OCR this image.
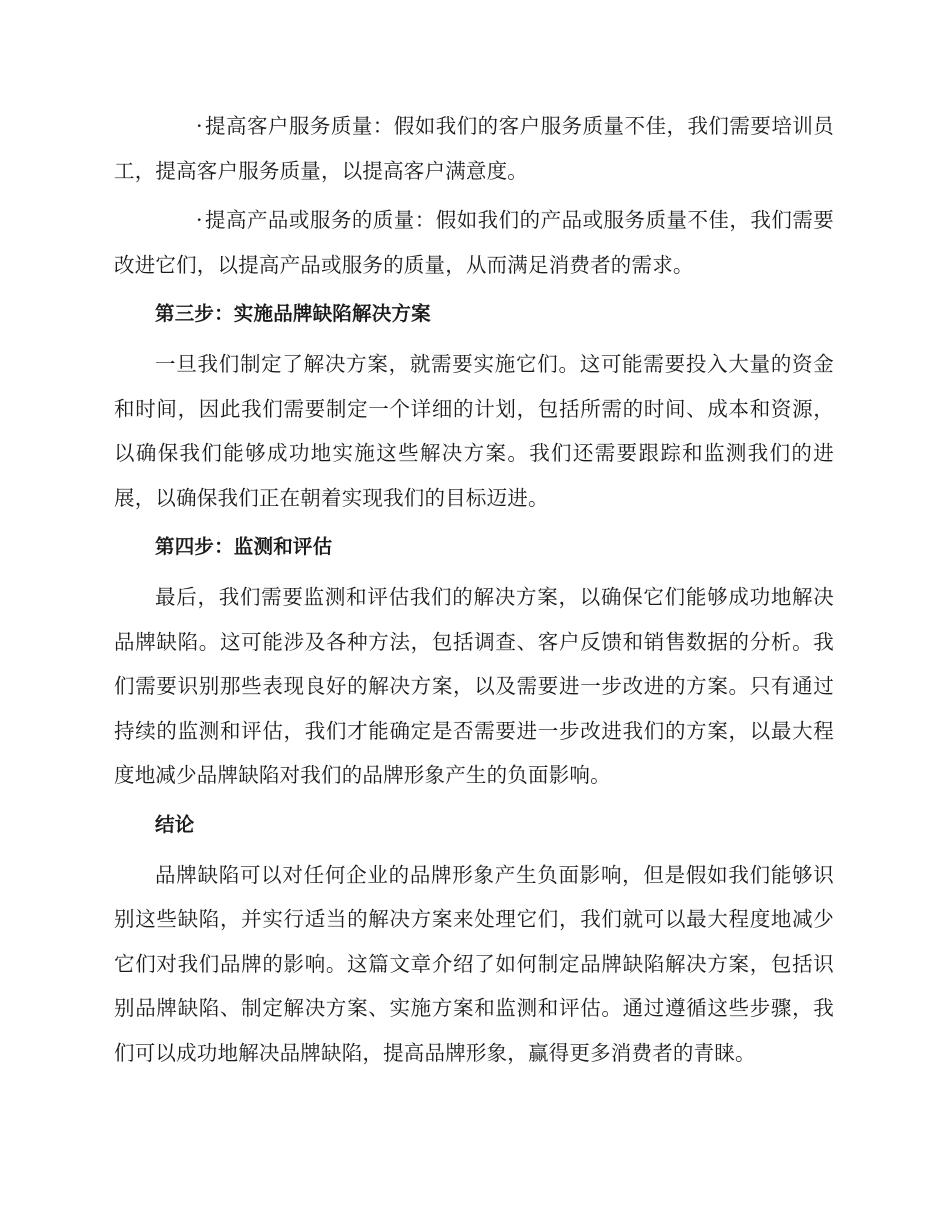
·提高客户服务质量：假如我们的客户服务质量不佳，我们需要培训员工，提高客户服务质量，以提高客户满意度。

·提高产品或服务的质量：假如我们的产品或服务质量不佳，我们需要改进它们，以提高产品或服务的质量，从而满足消费者的需求。

第三步：实施品牌缺陷解决方案

一旦我们制定了解决方案，就需要实施它们。这可能需要投入大量的资金和时间，因此我们需要制定一个详细的计划，包括所需的时间、成本和资源，以确保我们能够成功地实施这些解决方案。我们还需要跟踪和监测我们的进展，以确保我们正在朝着实现我们的目标迈进。

第四步：监测和评估

最后，我们需要监测和评估我们的解决方案，以确保它们能够成功地解决品牌缺陷。这可能涉及各种方法，包括调查、客户反馈和销售数据的分析。我们需要识别那些表现良好的解决方案，以及需要进一步改进的方案。只有通过持续的监测和评估，我们才能确定是否需要进一步改进我们的方案，以最大程度地减少品牌缺陷对我们的品牌形象产生的负面影响。

结论

品牌缺陷可以对任何企业的品牌形象产生负面影响，但是假如我们能够识别这些缺陷，并实行适当的解决方案来处理它们，我们就可以最大程度地减少它们对我们品牌的影响。这篇文章介绍了如何制定品牌缺陷解决方案，包括识别品牌缺陷、制定解决方案、实施方案和监测和评估。通过遵循这些步骤，我们可以成功地解决品牌缺陷，提高品牌形象，赢得更多消费者的青睐。
